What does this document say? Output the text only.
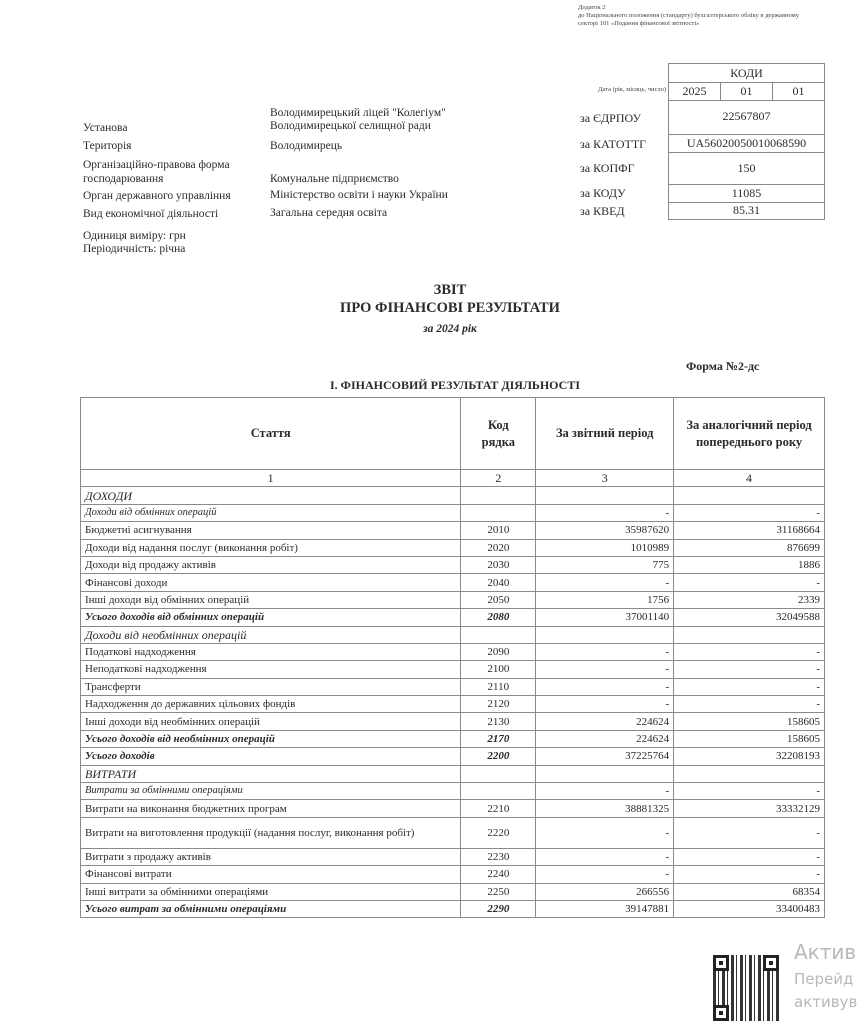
Додаток 2
до Національного положення (стандарту) бухгалтерського обліку в державному секторі 101 «Подання фінансової звітності»
КОДИ
Дата (рік, місяць, число)	2025	01	01
за ЄДРПОУ	22567807
за КАТОТТГ	UA56020050010068590
за КОПФГ	150
за КОДУ	11085
за КВЕД	85.31
Володимирецький ліцей "Колегіум"
Установа	Володимирецької селищної ради
Територія	Володимирець
Організаційно-правова форма
господарювання	Комунальне підприємство
Орган державного управління	Міністерство освіти і науки України
Вид економічної діяльності	Загальна середня освіта
Одиниця виміру: грн
Періодичність: річна
ЗВІТ
ПРО ФІНАНСОВІ РЕЗУЛЬТАТИ
за 2024 рік
Форма №2-дс
І. ФІНАНСОВИЙ РЕЗУЛЬТАТ ДІЯЛЬНОСТІ
Стаття	Код рядка	За звітний період	За аналогічний період попереднього року
1	2	3	4
ДОХОДИ			
Доходи від обмінних операцій		-	-
Бюджетні асигнування	2010	35987620	31168664
Доходи від надання послуг (виконання робіт)	2020	1010989	876699
Доходи від продажу активів	2030	775	1886
Фінансові доходи	2040	-	-
Інші доходи від обмінних операцій	2050	1756	2339
Усього доходів від обмінних операцій	2080	37001140	32049588
Доходи від необмінних операцій			
Податкові надходження	2090	-	-
Неподаткові надходження	2100	-	-
Трансферти	2110	-	-
Надходження до державних цільових фондів	2120	-	-
Інші доходи від необмінних операцій	2130	224624	158605
Усього доходів від необмінних операцій	2170	224624	158605
Усього доходів	2200	37225764	32208193
ВИТРАТИ			
Витрати за обмінними операціями		-	-
Витрати на виконання бюджетних програм	2210	38881325	33332129
Витрати на виготовлення продукції (надання послуг, виконання робіт)	2220	-	-
Витрати з продажу активів	2230	-	-
Фінансові витрати	2240	-	-
Інші витрати за обмінними операціями	2250	266556	68354
Усього витрат за обмінними операціями	2290	39147881	33400483
Актив
Перейд
активув
